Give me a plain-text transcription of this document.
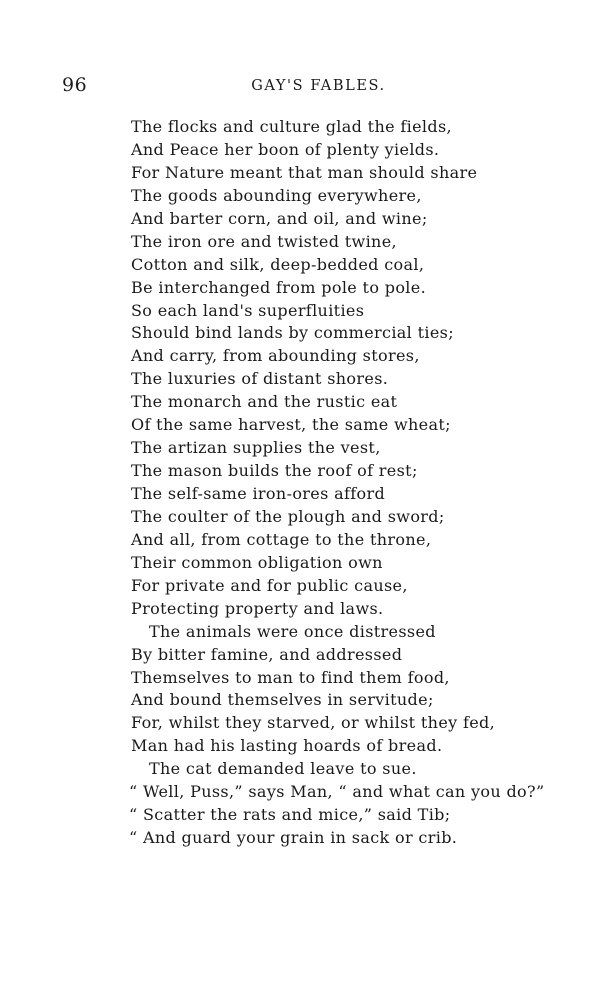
96	GAY'S FABLES.
The flocks and culture glad the fields,
And Peace her boon of plenty yields.
For Nature meant that man should share
The goods abounding everywhere,
And barter corn, and oil, and wine;
The iron ore and twisted twine,
Cotton and silk, deep-bedded coal,
Be interchanged from pole to pole.
So each land's superfluities
Should bind lands by commercial ties;
And carry, from abounding stores,
The luxuries of distant shores.
The monarch and the rustic eat
Of the same harvest, the same wheat;
The artizan supplies the vest,
The mason builds the roof of rest;
The self-same iron-ores afford
The coulter of the plough and sword;
And all, from cottage to the throne,
Their common obligation own
For private and for public cause,
Protecting property and laws.
The animals were once distressed
By bitter famine, and addressed
Themselves to man to find them food,
And bound themselves in servitude;
For, whilst they starved, or whilst they fed,
Man had his lasting hoards of bread.
The cat demanded leave to sue.
“ Well, Puss,” says Man, “ and what can you do?”
“ Scatter the rats and mice,” said Tib;
“ And guard your grain in sack or crib.
